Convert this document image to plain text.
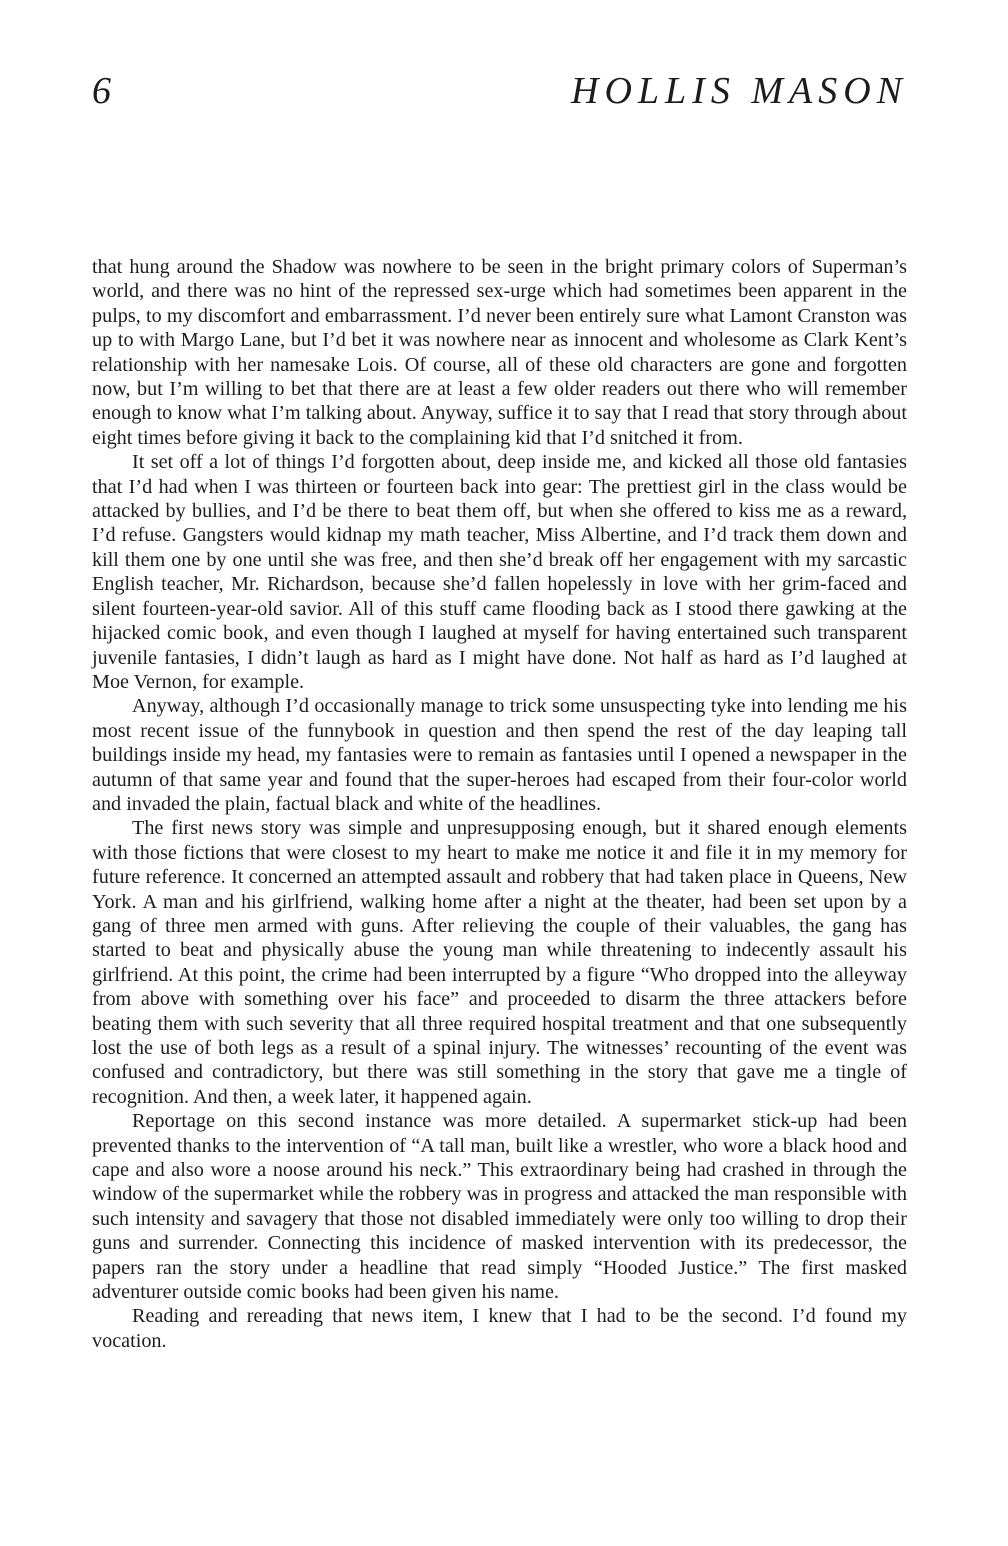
6	HOLLIS MASON

that hung around the Shadow was nowhere to be seen in the bright primary colors of Superman’s world, and there was no hint of the repressed sex-urge which had sometimes been apparent in the pulps, to my discomfort and embarrassment. I’d never been entirely sure what Lamont Cranston was up to with Margo Lane, but I’d bet it was nowhere near as innocent and wholesome as Clark Kent’s relationship with her namesake Lois. Of course, all of these old characters are gone and forgotten now, but I’m willing to bet that there are at least a few older readers out there who will remember enough to know what I’m talking about. Anyway, suffice it to say that I read that story through about eight times before giving it back to the complaining kid that I’d snitched it from.

It set off a lot of things I’d forgotten about, deep inside me, and kicked all those old fantasies that I’d had when I was thirteen or fourteen back into gear: The prettiest girl in the class would be attacked by bullies, and I’d be there to beat them off, but when she offered to kiss me as a reward, I’d refuse. Gangsters would kidnap my math teacher, Miss Albertine, and I’d track them down and kill them one by one until she was free, and then she’d break off her engagement with my sarcastic English teacher, Mr. Richardson, because she’d fallen hopelessly in love with her grim-faced and silent fourteen-year-old savior. All of this stuff came flooding back as I stood there gawking at the hijacked comic book, and even though I laughed at myself for having entertained such transparent juvenile fantasies, I didn’t laugh as hard as I might have done. Not half as hard as I’d laughed at Moe Vernon, for example.

Anyway, although I’d occasionally manage to trick some unsuspecting tyke into lending me his most recent issue of the funnybook in question and then spend the rest of the day leaping tall buildings inside my head, my fantasies were to remain as fantasies until I opened a newspaper in the autumn of that same year and found that the super-heroes had escaped from their four-color world and invaded the plain, factual black and white of the headlines.

The first news story was simple and unpresupposing enough, but it shared enough elements with those fictions that were closest to my heart to make me notice it and file it in my memory for future reference. It concerned an attempted assault and robbery that had taken place in Queens, New York. A man and his girlfriend, walking home after a night at the theater, had been set upon by a gang of three men armed with guns. After relieving the couple of their valuables, the gang has started to beat and physically abuse the young man while threatening to indecently assault his girlfriend. At this point, the crime had been interrupted by a figure “Who dropped into the alleyway from above with something over his face” and proceeded to disarm the three attackers before beating them with such severity that all three required hospital treatment and that one subsequently lost the use of both legs as a result of a spinal injury. The witnesses’ recounting of the event was confused and contradictory, but there was still something in the story that gave me a tingle of recognition. And then, a week later, it happened again.

Reportage on this second instance was more detailed. A supermarket stick-up had been prevented thanks to the intervention of “A tall man, built like a wrestler, who wore a black hood and cape and also wore a noose around his neck.” This extraordinary being had crashed in through the window of the supermarket while the robbery was in progress and attacked the man responsible with such intensity and savagery that those not disabled immediately were only too willing to drop their guns and surrender. Connecting this incidence of masked intervention with its predecessor, the papers ran the story under a headline that read simply “Hooded Justice.” The first masked adventurer outside comic books had been given his name.

Reading and rereading that news item, I knew that I had to be the second. I’d found my vocation.
